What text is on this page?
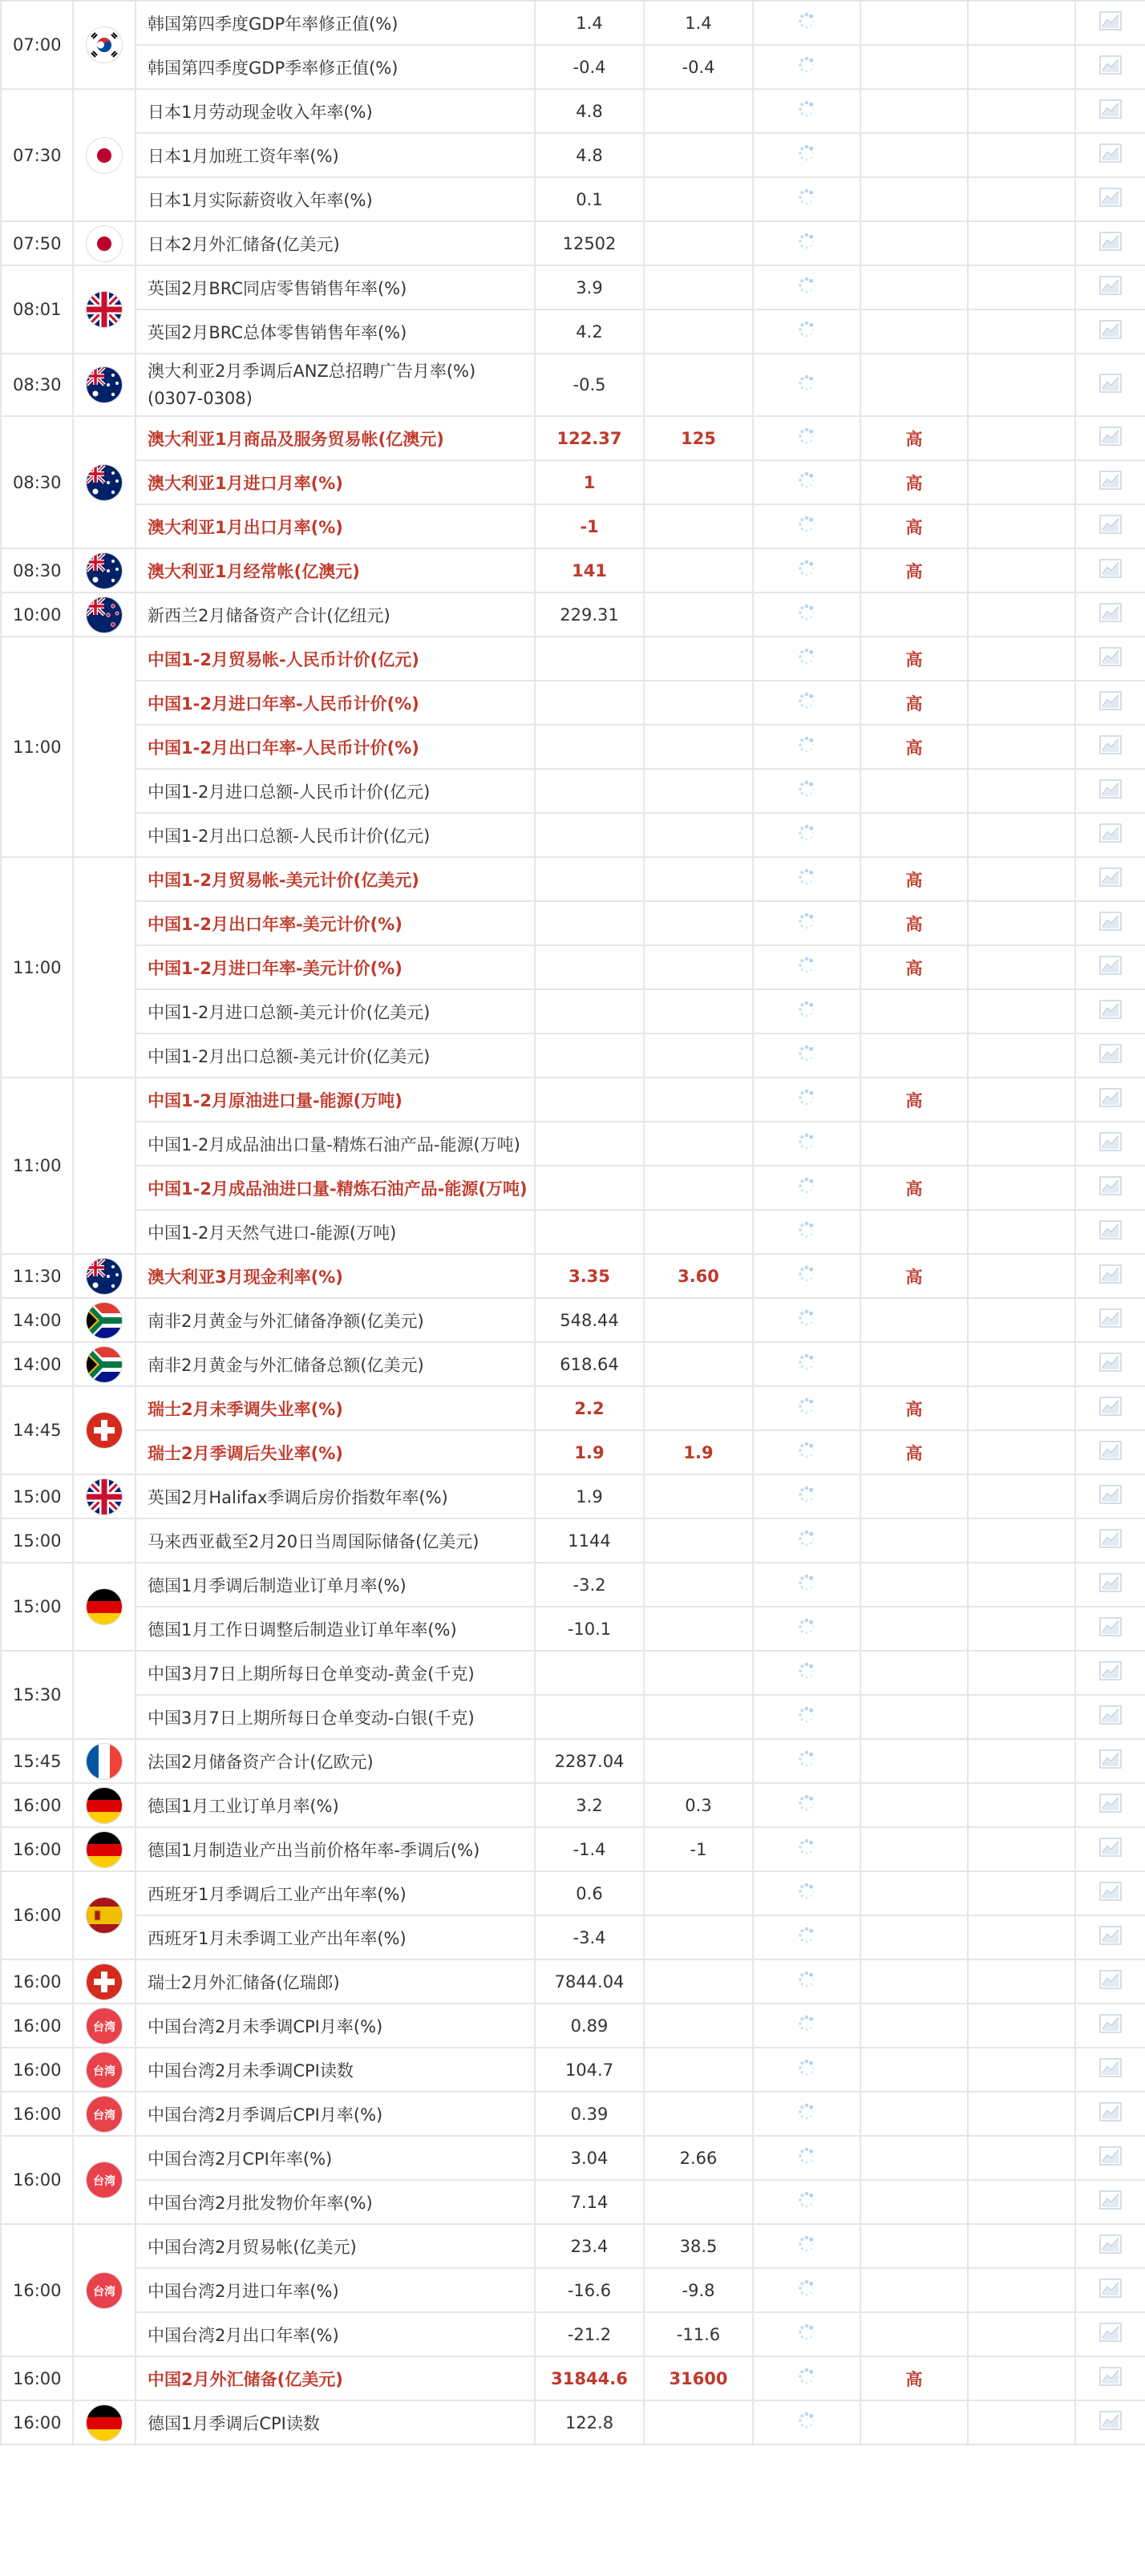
07:00		韩国第四季度GDP年率修正值(%)	1.4	1.4				
		韩国第四季度GDP季率修正值(%)	-0.4	-0.4				
07:30		日本1月劳动现金收入年率(%)	4.8					
		日本1月加班工资年率(%)	4.8					
		日本1月实际薪资收入年率(%)	0.1					
07:50		日本2月外汇储备(亿美元)	12502					
08:01		英国2月BRC同店零售销售年率(%)	3.9					
		英国2月BRC总体零售销售年率(%)	4.2					
08:30		澳大利亚2月季调后ANZ总招聘广告月率(%)(0307-0308)	-0.5					
08:30		澳大利亚1月商品及服务贸易帐(亿澳元)	122.37	125		高		
		澳大利亚1月进口月率(%)	1			高		
		澳大利亚1月出口月率(%)	-1			高		
08:30		澳大利亚1月经常帐(亿澳元)	141			高		
10:00		新西兰2月储备资产合计(亿纽元)	229.31					
11:00		中国1-2月贸易帐-人民币计价(亿元)				高		
		中国1-2月进口年率-人民币计价(%)				高		
		中国1-2月出口年率-人民币计价(%)				高		
		中国1-2月进口总额-人民币计价(亿元)						
		中国1-2月出口总额-人民币计价(亿元)						
11:00		中国1-2月贸易帐-美元计价(亿美元)				高		
		中国1-2月出口年率-美元计价(%)				高		
		中国1-2月进口年率-美元计价(%)				高		
		中国1-2月进口总额-美元计价(亿美元)						
		中国1-2月出口总额-美元计价(亿美元)						
11:00		中国1-2月原油进口量-能源(万吨)				高		
		中国1-2月成品油出口量-精炼石油产品-能源(万吨)						
		中国1-2月成品油进口量-精炼石油产品-能源(万吨)				高		
		中国1-2月天然气进口-能源(万吨)						
11:30		澳大利亚3月现金利率(%)	3.35	3.60		高		
14:00		南非2月黄金与外汇储备净额(亿美元)	548.44					
14:00		南非2月黄金与外汇储备总额(亿美元)	618.64					
14:45		瑞士2月未季调失业率(%)	2.2			高		
		瑞士2月季调后失业率(%)	1.9	1.9		高		
15:00		英国2月Halifax季调后房价指数年率(%)	1.9					
15:00		马来西亚截至2月20日当周国际储备(亿美元)	1144					
15:00		德国1月季调后制造业订单月率(%)	-3.2					
		德国1月工作日调整后制造业订单年率(%)	-10.1					
15:30		中国3月7日上期所每日仓单变动-黄金(千克)						
		中国3月7日上期所每日仓单变动-白银(千克)						
15:45		法国2月储备资产合计(亿欧元)	2287.04					
16:00		德国1月工业订单月率(%)	3.2	0.3				
16:00		德国1月制造业产出当前价格年率-季调后(%)	-1.4	-1				
16:00		西班牙1月季调后工业产出年率(%)	0.6					
		西班牙1月未季调工业产出年率(%)	-3.4					
16:00		瑞士2月外汇储备(亿瑞郎)	7844.04					
16:00	台湾	中国台湾2月未季调CPI月率(%)	0.89					
16:00	台湾	中国台湾2月未季调CPI读数	104.7					
16:00	台湾	中国台湾2月季调后CPI月率(%)	0.39					
16:00	台湾	中国台湾2月CPI年率(%)	3.04	2.66				
		中国台湾2月批发物价年率(%)	7.14					
16:00	台湾	中国台湾2月贸易帐(亿美元)	23.4	38.5				
		中国台湾2月进口年率(%)	-16.6	-9.8				
		中国台湾2月出口年率(%)	-21.2	-11.6				
16:00		中国2月外汇储备(亿美元)	31844.6	31600		高		
16:00		德国1月季调后CPI读数	122.8					
